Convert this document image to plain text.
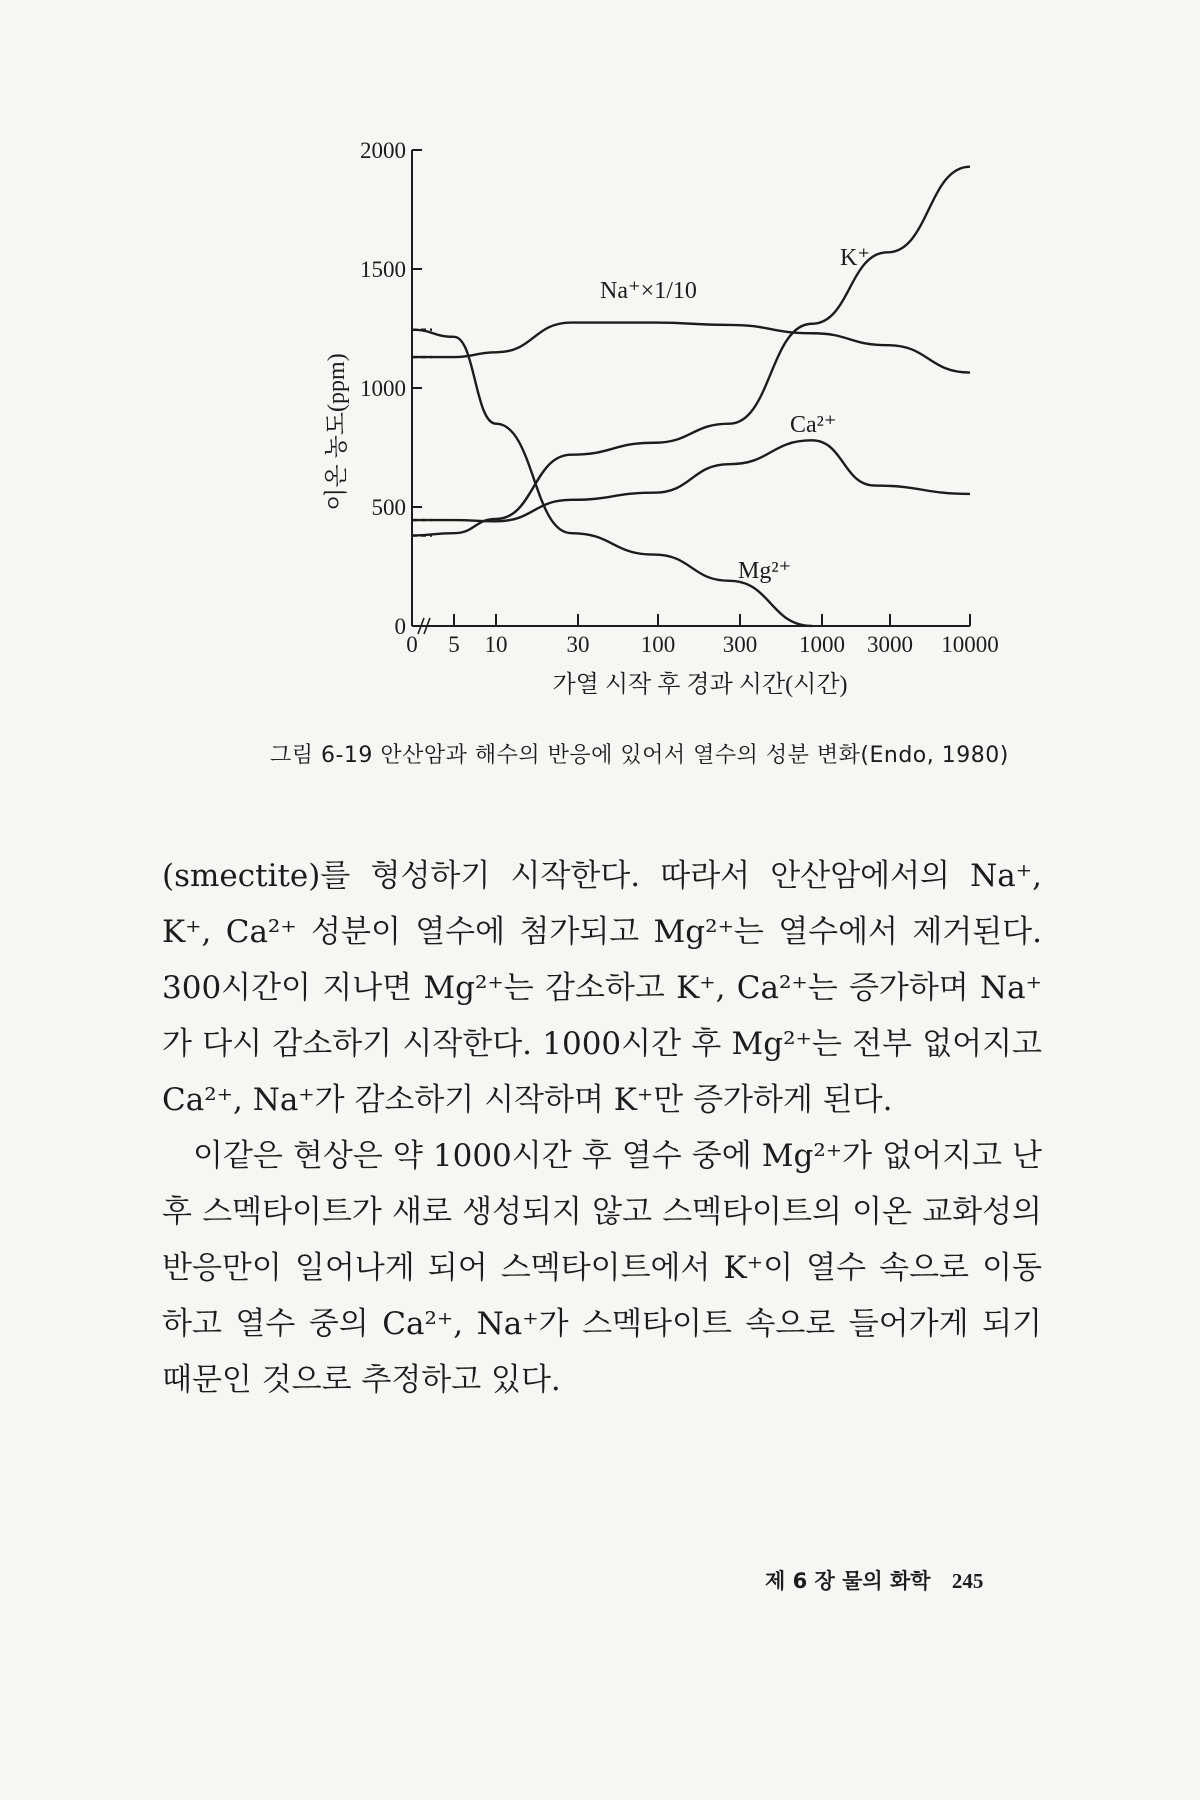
0
500
1000
1500
2000
0 5 10	30 100 300 1000 3000 10000
Na⁺×1/10
K⁺
Ca²⁺
Mg²⁺
이온 농도(ppm)
가열 시작 후 경과 시간(시간)
그림 6-19 안산암과 해수의 반응에 있어서 열수의 성분 변화(Endo, 1980)

(smectite)를 형성하기 시작한다. 따라서 안산암에서의 Na⁺, K⁺, Ca²⁺ 성분이 열수에 첨가되고 Mg²⁺는 열수에서 제거된다. 300시간이 지나면 Mg²⁺는 감소하고 K⁺, Ca²⁺는 증가하며 Na⁺가 다시 감소하기 시작한다. 1000시간 후 Mg²⁺는 전부 없어지고 Ca²⁺, Na⁺가 감소하기 시작하며 K⁺만 증가하게 된다.

이같은 현상은 약 1000시간 후 열수 중에 Mg²⁺가 없어지고 난 후 스멕타이트가 새로 생성되지 않고 스멕타이트의 이온 교화성의 반응만이 일어나게 되어 스멕타이트에서 K⁺이 열수 속으로 이동하고 열수 중의 Ca²⁺, Na⁺가 스멕타이트 속으로 들어가게 되기 때문인 것으로 추정하고 있다.

제 6 장 물의 화학 245
